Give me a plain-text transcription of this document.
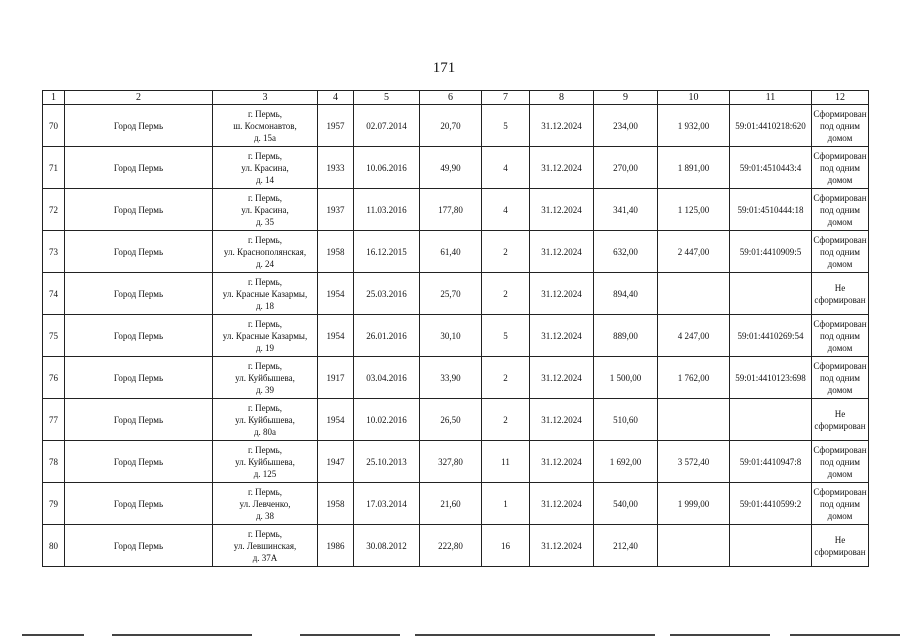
171
1	2	3	4	5	6	7	8	9	10	11	12
70	Город Пермь	г. Пермь,
ш. Космонавтов,
д. 15а	1957	02.07.2014	20,70	5	31.12.2024	234,00	1 932,00	59:01:4410218:620	Сформирован
под одним домом

71	Город Пермь	г. Пермь,
ул. Красина,
д. 14	1933	10.06.2016	49,90	4	31.12.2024	270,00	1 891,00	59:01:4510443:4	Сформирован
под одним домом

72	Город Пермь	г. Пермь,
ул. Красина,
д. 35	1937	11.03.2016	177,80	4	31.12.2024	341,40	1 125,00	59:01:4510444:18	Сформирован
под одним домом

73	Город Пермь	г. Пермь,
ул. Краснополянская,
д. 24	1958	16.12.2015	61,40	2	31.12.2024	632,00	2 447,00	59:01:4410909:5	Сформирован
под одним домом

74	Город Пермь	г. Пермь,
ул. Красные Казармы,
д. 18	1954	25.03.2016	25,70	2	31.12.2024	894,40			Не сформирован

75	Город Пермь	г. Пермь,
ул. Красные Казармы,
д. 19	1954	26.01.2016	30,10	5	31.12.2024	889,00	4 247,00	59:01:4410269:54	Сформирован
под одним домом

76	Город Пермь	г. Пермь,
ул. Куйбышева,
д. 39	1917	03.04.2016	33,90	2	31.12.2024	1 500,00	1 762,00	59:01:4410123:698	Сформирован
под одним домом

77	Город Пермь	г. Пермь,
ул. Куйбышева,
д. 80а	1954	10.02.2016	26,50	2	31.12.2024	510,60			Не сформирован

78	Город Пермь	г. Пермь,
ул. Куйбышева,
д. 125	1947	25.10.2013	327,80	11	31.12.2024	1 692,00	3 572,40	59:01:4410947:8	Сформирован
под одним домом

79	Город Пермь	г. Пермь,
ул. Левченко,
д. 38	1958	17.03.2014	21,60	1	31.12.2024	540,00	1 999,00	59:01:4410599:2	Сформирован
под одним домом

80	Город Пермь	г. Пермь,
ул. Левшинская,
д. 37А	1986	30.08.2012	222,80	16	31.12.2024	212,40			Не сформирован
